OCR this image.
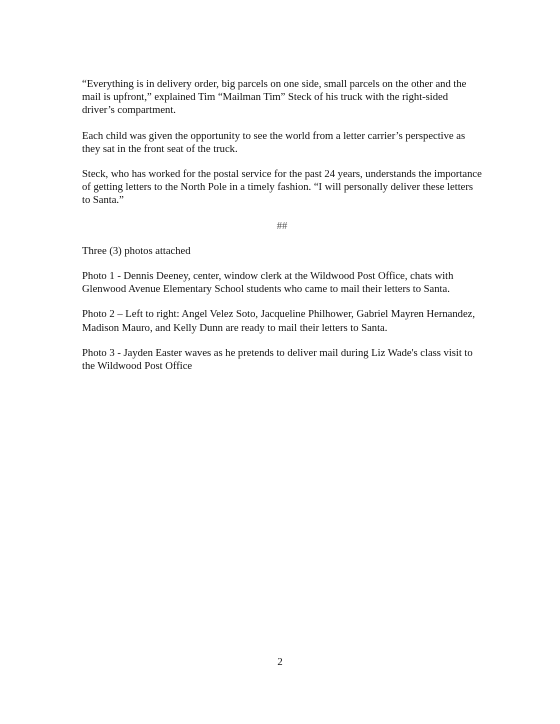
“Everything is in delivery order, big parcels on one side, small parcels on the other and the mail is upfront,” explained Tim “Mailman Tim” Steck of his truck with the right-sided driver’s compartment.

Each child was given the opportunity to see the world from a letter carrier’s perspective as they sat in the front seat of the truck.

Steck, who has worked for the postal service for the past 24 years, understands the importance of getting letters to the North Pole in a timely fashion. “I will personally deliver these letters to Santa.”

##

Three (3) photos attached

Photo 1 - Dennis Deeney, center, window clerk at the Wildwood Post Office, chats with Glenwood Avenue Elementary School students who came to mail their letters to Santa.

Photo 2 – Left to right: Angel Velez Soto, Jacqueline Philhower, Gabriel Mayren Hernandez, Madison Mauro, and Kelly Dunn are ready to mail their letters to Santa.

Photo 3 - Jayden Easter waves as he pretends to deliver mail during Liz Wade's class visit to the Wildwood Post Office

2
